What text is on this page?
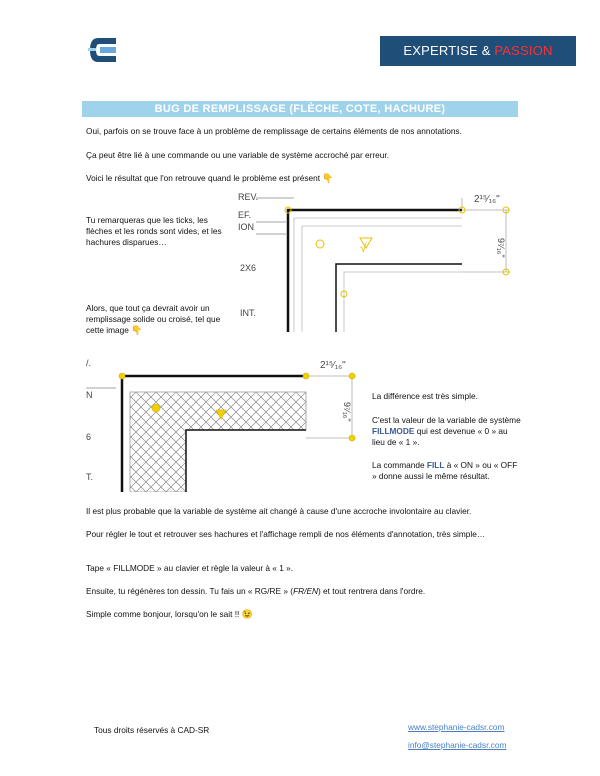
EXPERTISE & PASSION
BUG DE REMPLISSAGE (FLÈCHE, COTE, HACHURE)
Oui, parfois on se trouve face à un problème de remplissage de certains éléments de nos annotations.
Ça peut être lié à une commande ou une variable de système accroché par erreur.
Voici le résultat que l'on retrouve quand le problème est présent 👇
Tu remarqueras que les ticks, les flèches et les ronds sont vides, et les hachures disparues…
Alors, que tout ça devrait avoir un remplissage solide ou croisé, tel que cette image 👇
REV.
EF.
ION
2X6
INT.
2¹⁵⁄₁₆"
9⁷⁄₁₆"
√
/.
N
6
T.
2¹⁵⁄₁₆"
9⁷⁄₁₆"
La différence est très simple.
C'est la valeur de la variable de système FILLMODE qui est devenue « 0 » au lieu de « 1 ».
La commande FILL à « ON » ou « OFF » donne aussi le même résultat.
Il est plus probable que la variable de système ait changé à cause d'une accroche involontaire au clavier.
Pour régler le tout et retrouver ses hachures et l'affichage rempli de nos éléments d'annotation, très simple…
Tape « FILLMODE » au clavier et règle la valeur à « 1 ».
Ensuite, tu régénères ton dessin. Tu fais un « RG/RE » (FR/EN) et tout rentrera dans l'ordre.
Simple comme bonjour, lorsqu'on le sait !! 😉
Tous droits réservés à CAD-SR	www.stephanie-cadsr.com
info@stephanie-cadsr.com
